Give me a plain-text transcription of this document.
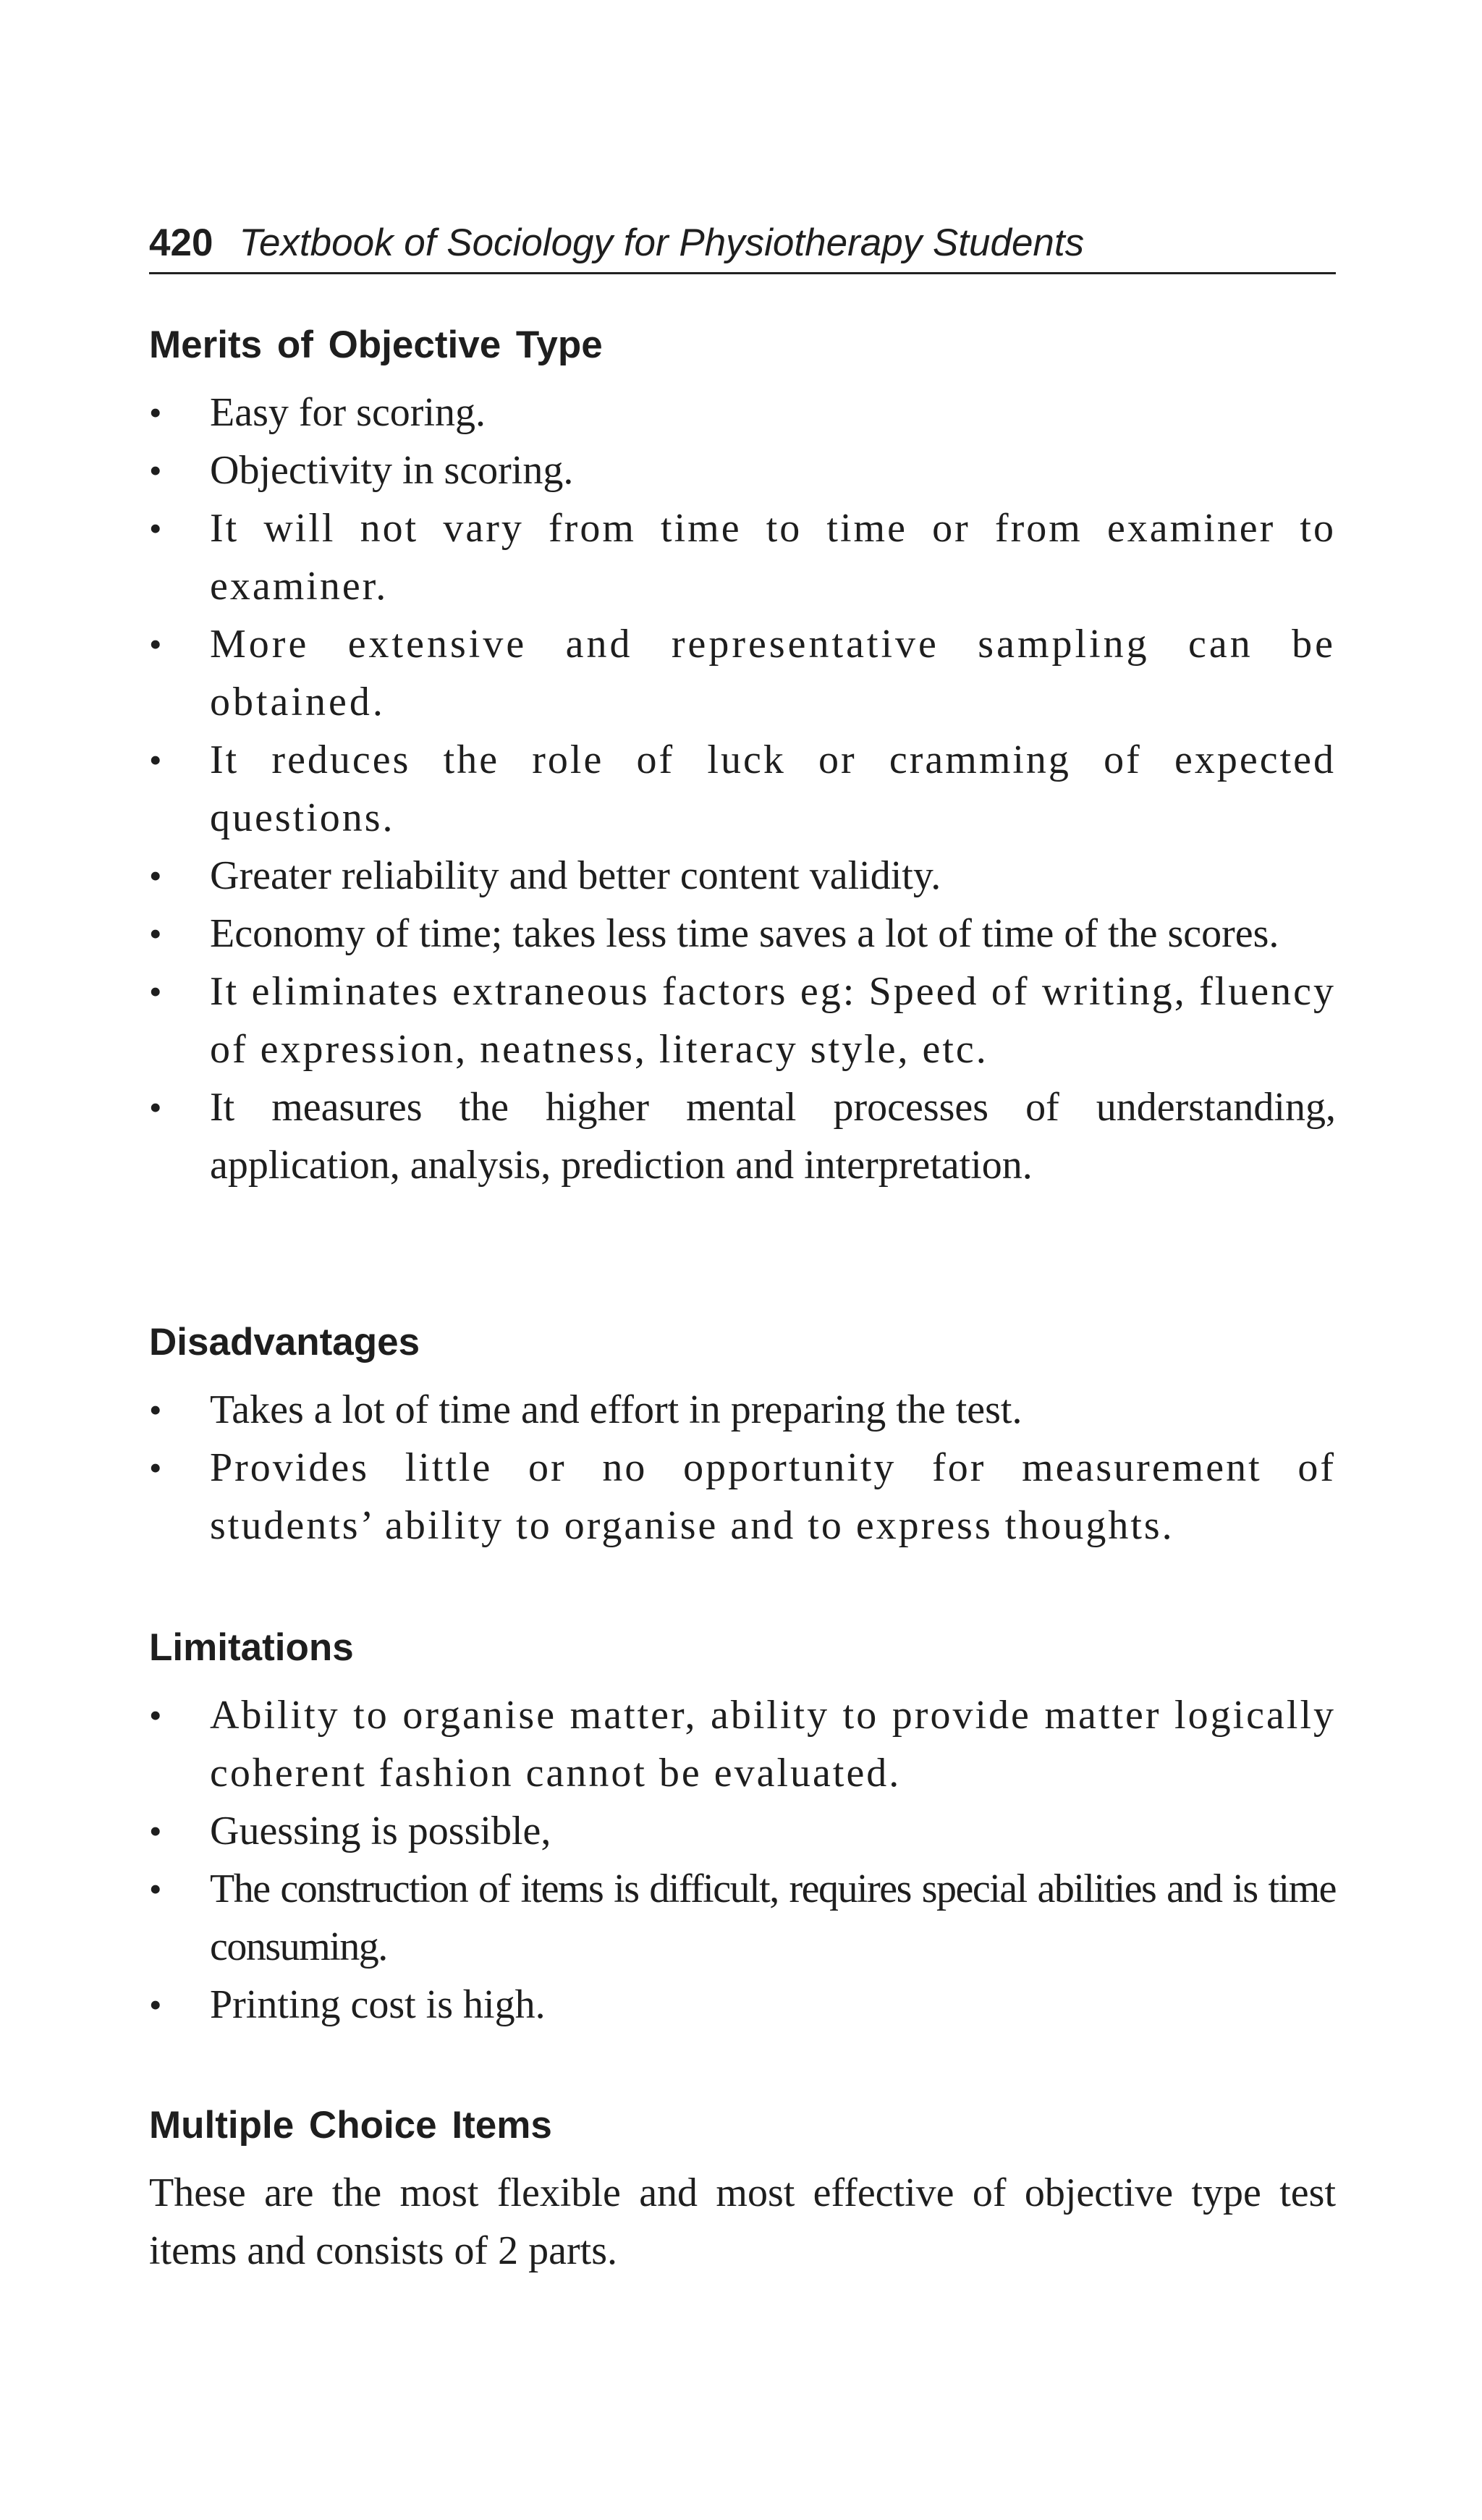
420 Textbook of Sociology for Physiotherapy Students
Merits of Objective Type
•	Easy for scoring.
•	Objectivity in scoring.
•	It will not vary from time to time or from examiner to examiner.
•	More extensive and representative sampling can be obtained.
•	It reduces the role of luck or cramming of expected questions.
•	Greater reliability and better content validity.
•	Economy of time; takes less time saves a lot of time of the scores.
•	It eliminates extraneous factors eg: Speed of writing, fluency of expression, neatness, literacy style, etc.
•	It measures the higher mental processes of understanding, application, analysis, prediction and interpretation.
Disadvantages
•	Takes a lot of time and effort in preparing the test.
•	Provides little or no opportunity for measurement of students’ ability to organise and to express thoughts.
Limitations
•	Ability to organise matter, ability to provide matter logically coherent fashion cannot be evaluated.
•	Guessing is possible,
•	The construction of items is difficult, requires special abilities and is time consuming.
•	Printing cost is high.
Multiple Choice Items

These are the most flexible and most effective of objective type test items and consists of 2 parts.
